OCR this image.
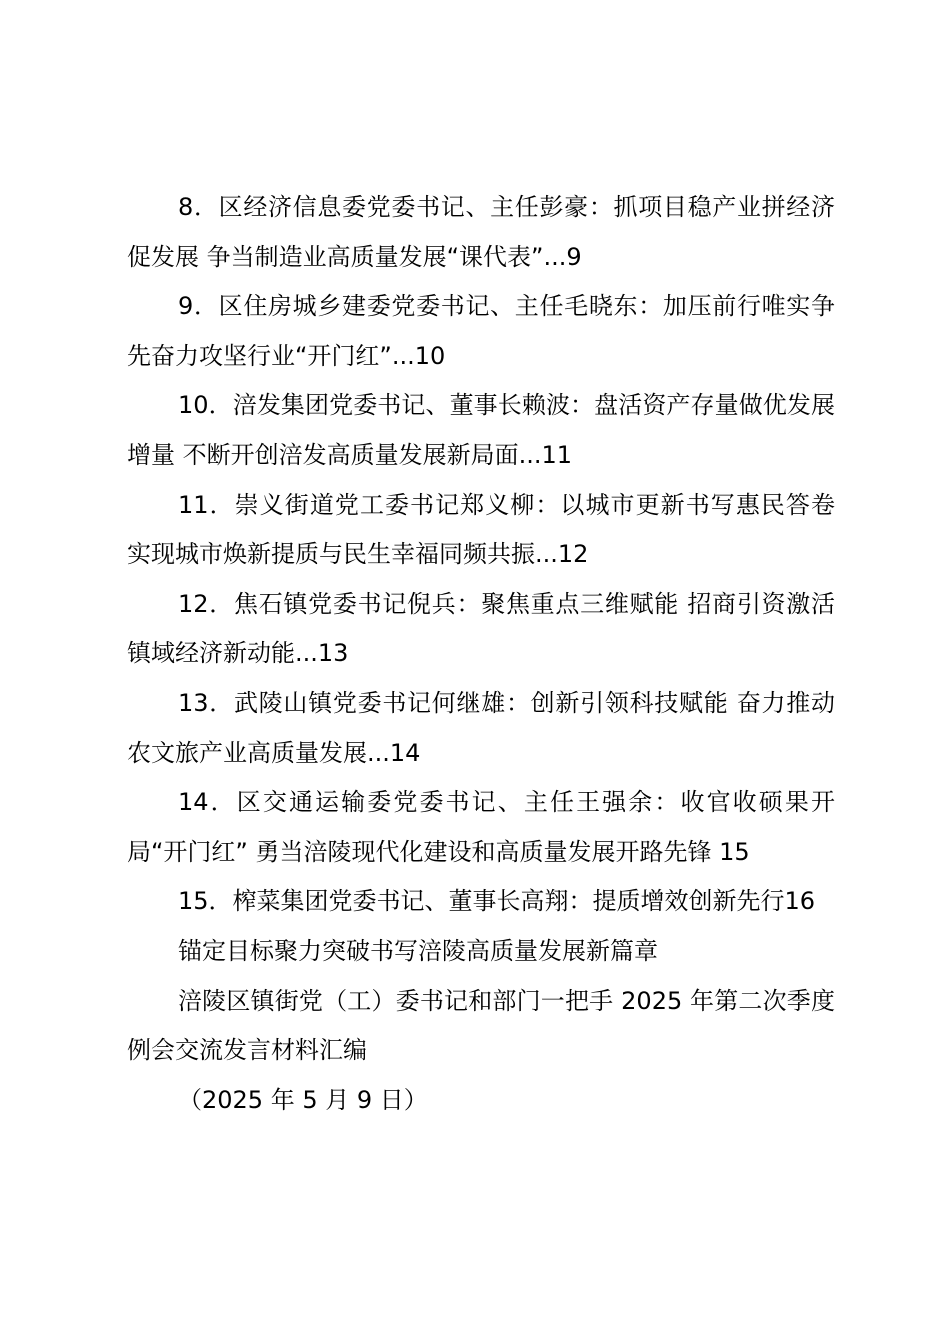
8．区经济信息委党委书记、主任彭豪：抓项目稳产业拼经济促发展 争当制造业高质量发展“课代表”...9

9．区住房城乡建委党委书记、主任毛晓东：加压前行唯实争先奋力攻坚行业“开门红”...10

10．涪发集团党委书记、董事长赖波：盘活资产存量做优发展增量 不断开创涪发高质量发展新局面...11

11．崇义街道党工委书记郑义柳：以城市更新书写惠民答卷 实现城市焕新提质与民生幸福同频共振...12

12．焦石镇党委书记倪兵：聚焦重点三维赋能 招商引资激活镇域经济新动能...13

13．武陵山镇党委书记何继雄：创新引领科技赋能 奋力推动农文旅产业高质量发展...14

14．区交通运输委党委书记、主任王强余：收官收硕果开局“开门红” 勇当涪陵现代化建设和高质量发展开路先锋 15

15．榨菜集团党委书记、董事长高翔：提质增效创新先行16

锚定目标聚力突破书写涪陵高质量发展新篇章

涪陵区镇街党（工）委书记和部门一把手 2025 年第二次季度例会交流发言材料汇编

（2025 年 5 月 9 日）
